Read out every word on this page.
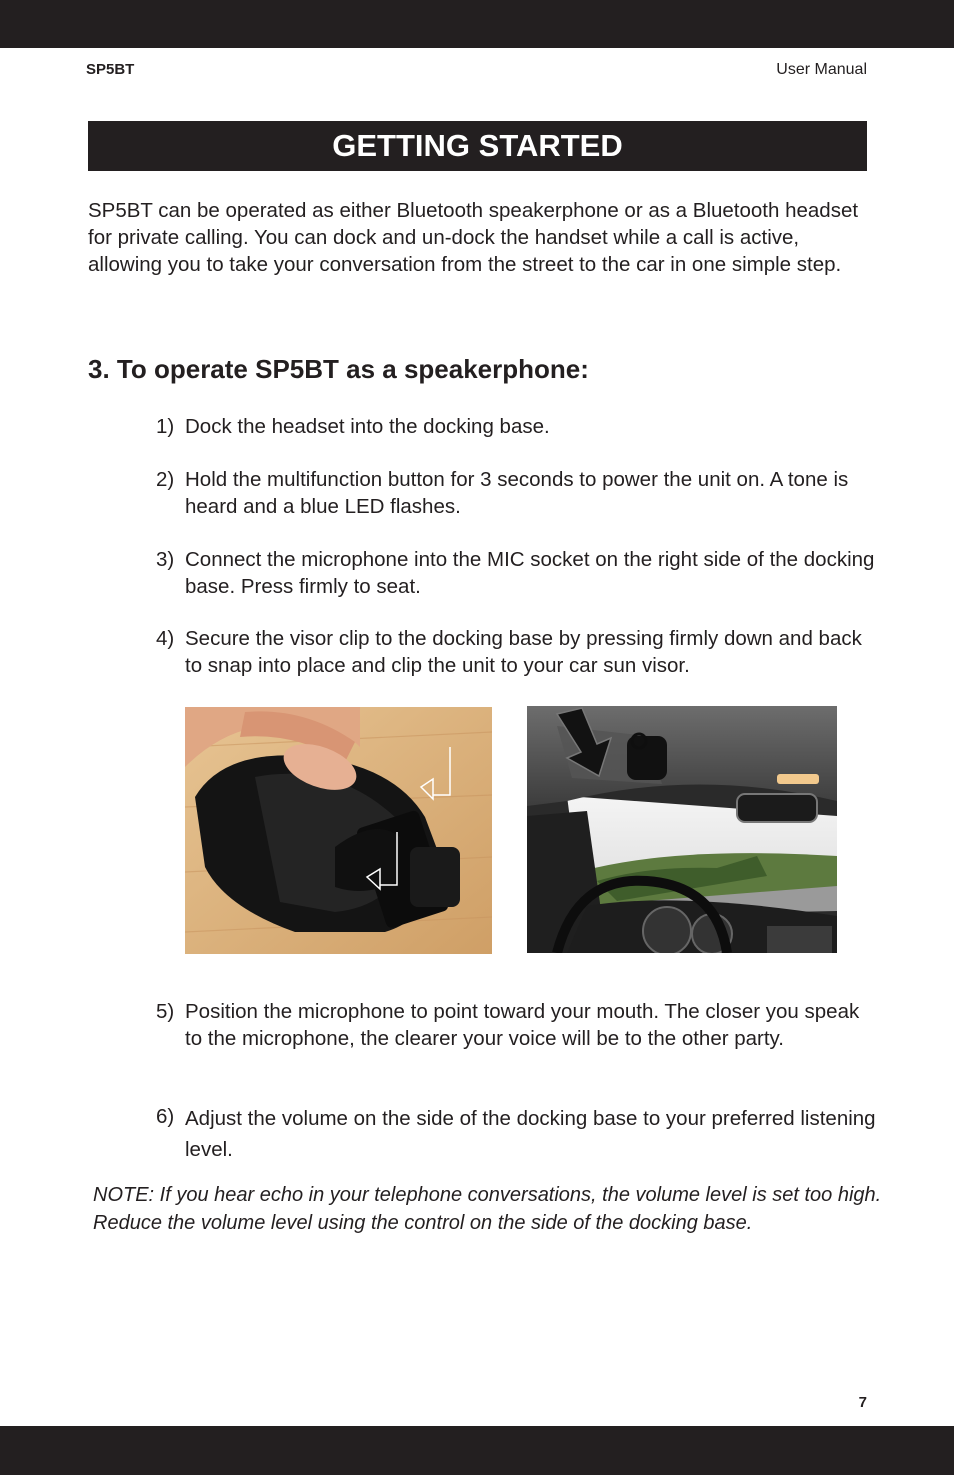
SP5BT	User Manual
GETTING STARTED

SP5BT can be operated as either Bluetooth speakerphone or as a Bluetooth headset for private calling. You can dock and un-dock the handset while a call is active, allowing you to take your conversation from the street to the car in one simple step.

3. To operate SP5BT as a speakerphone:
1) Dock the headset into the docking base.
2) Hold the multifunction button for 3 seconds to power the unit on. A tone is heard and a blue LED flashes.
3) Connect the microphone into the MIC socket on the right side of the docking base. Press firmly to seat.
4) Secure the visor clip to the docking base by pressing firmly down and back to snap into place and clip the unit to your car sun visor.
5) Position the microphone to point toward your mouth. The closer you speak to the microphone, the clearer your voice will be to the other party.
6) Adjust the volume on the side of the docking base to your preferred listening level.

NOTE: If you hear echo in your telephone conversations, the volume level is set too high. Reduce the volume level using the control on the side of the docking base.

7
